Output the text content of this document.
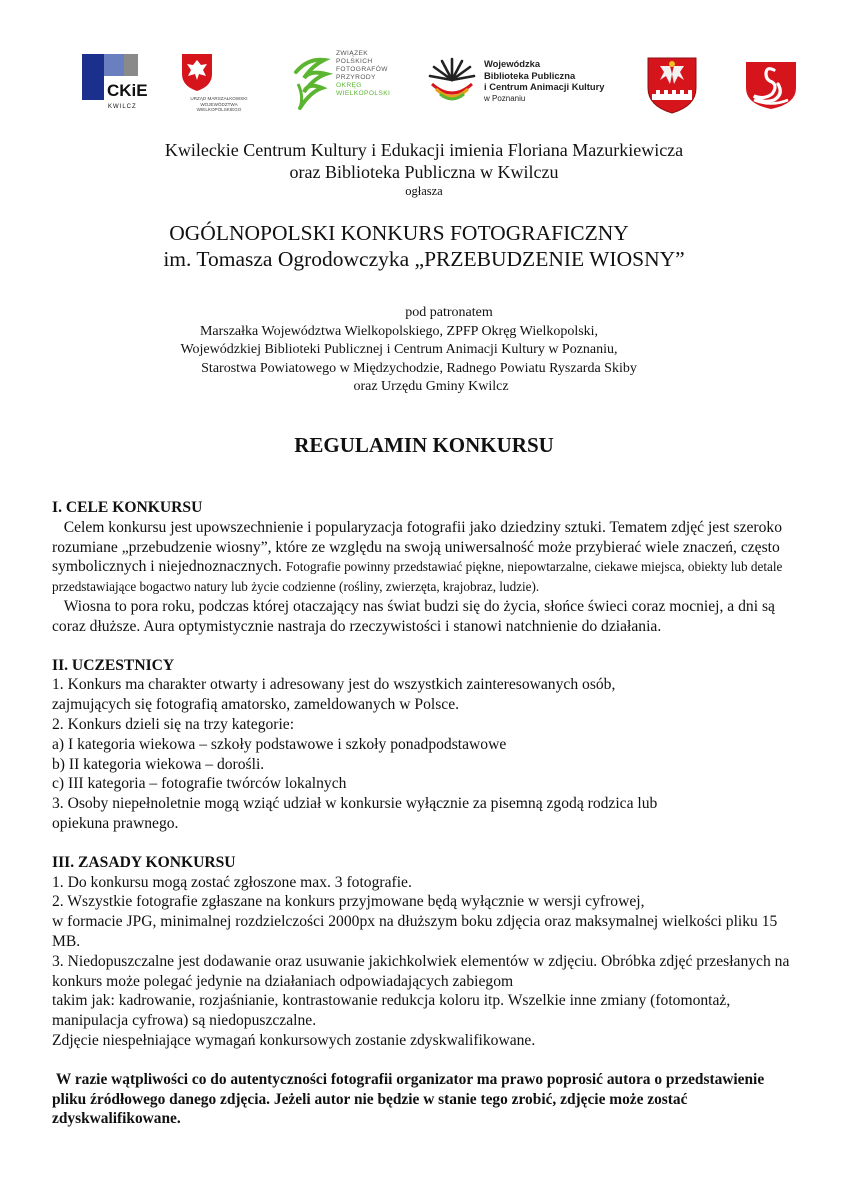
CKiE
KWILCZ
URZĄD MARSZAŁKOWSKI
WOJEWÓDZTWA WIELKOPOLSKIEGO
ZWIĄZEK
POLSKICH
FOTOGRAFÓW
PRZYRODY
OKRĘG
WIELKOPOLSKI
Wojewódzka
Biblioteka Publiczna
i Centrum Animacji Kultury
w Poznaniu
Kwileckie Centrum Kultury i Edukacji imienia Floriana Mazurkiewicza
oraz Biblioteka Publiczna w Kwilczu
ogłasza
OGÓLNOPOLSKI KONKURS FOTOGRAFICZNY
im. Tomasza Ogrodowczyka „PRZEBUDZENIE WIOSNY”
pod patronatem
Marszałka Województwa Wielkopolskiego, ZPFP Okręg Wielkopolski,
Wojewódzkiej Biblioteki Publicznej i Centrum Animacji Kultury w Poznaniu,
Starostwa Powiatowego w Międzychodzie, Radnego Powiatu Ryszarda Skiby
oraz Urzędu Gminy Kwilcz
REGULAMIN KONKURSU

I. CELE KONKURSU

Celem konkursu jest upowszechnienie i popularyzacja fotografii jako dziedziny sztuki. Tematem zdjęć jest szeroko rozumiane „przebudzenie wiosny”, które ze względu na swoją uniwersalność może przybierać wiele znaczeń, często symbolicznych i niejednoznacznych. Fotografie powinny przedstawiać piękne, niepowtarzalne, ciekawe miejsca, obiekty lub detale przedstawiające bogactwo natury lub życie codzienne (rośliny, zwierzęta, krajobraz, ludzie).

Wiosna to pora roku, podczas której otaczający nas świat budzi się do życia, słońce świeci coraz mocniej, a dni są coraz dłuższe. Aura optymistycznie nastraja do rzeczywistości i stanowi natchnienie do działania.

II. UCZESTNICY

1. Konkurs ma charakter otwarty i adresowany jest do wszystkich zainteresowanych osób,

zajmujących się fotografią amatorsko, zameldowanych w Polsce.

2. Konkurs dzieli się na trzy kategorie:

a) I kategoria wiekowa – szkoły podstawowe i szkoły ponadpodstawowe

b) II kategoria wiekowa – dorośli.

c) III kategoria – fotografie twórców lokalnych

3. Osoby niepełnoletnie mogą wziąć udział w konkursie wyłącznie za pisemną zgodą rodzica lub

opiekuna prawnego.

III. ZASADY KONKURSU

1. Do konkursu mogą zostać zgłoszone max. 3 fotografie.

2. Wszystkie fotografie zgłaszane na konkurs przyjmowane będą wyłącznie w wersji cyfrowej,

w formacie JPG, minimalnej rozdzielczości 2000px na dłuższym boku zdjęcia oraz maksymalnej wielkości pliku 15 MB.

3. Niedopuszczalne jest dodawanie oraz usuwanie jakichkolwiek elementów w zdjęciu. Obróbka zdjęć przesłanych na konkurs może polegać jedynie na działaniach odpowiadających zabiegom

takim jak: kadrowanie, rozjaśnianie, kontrastowanie redukcja koloru itp. Wszelkie inne zmiany (fotomontaż, manipulacja cyfrowa) są niedopuszczalne.

Zdjęcie niespełniające wymagań konkursowych zostanie zdyskwalifikowane.

W razie wątpliwości co do autentyczności fotografii organizator ma prawo poprosić autora o przedstawienie pliku źródłowego danego zdjęcia. Jeżeli autor nie będzie w stanie tego zrobić, zdjęcie może zostać zdyskwalifikowane.
